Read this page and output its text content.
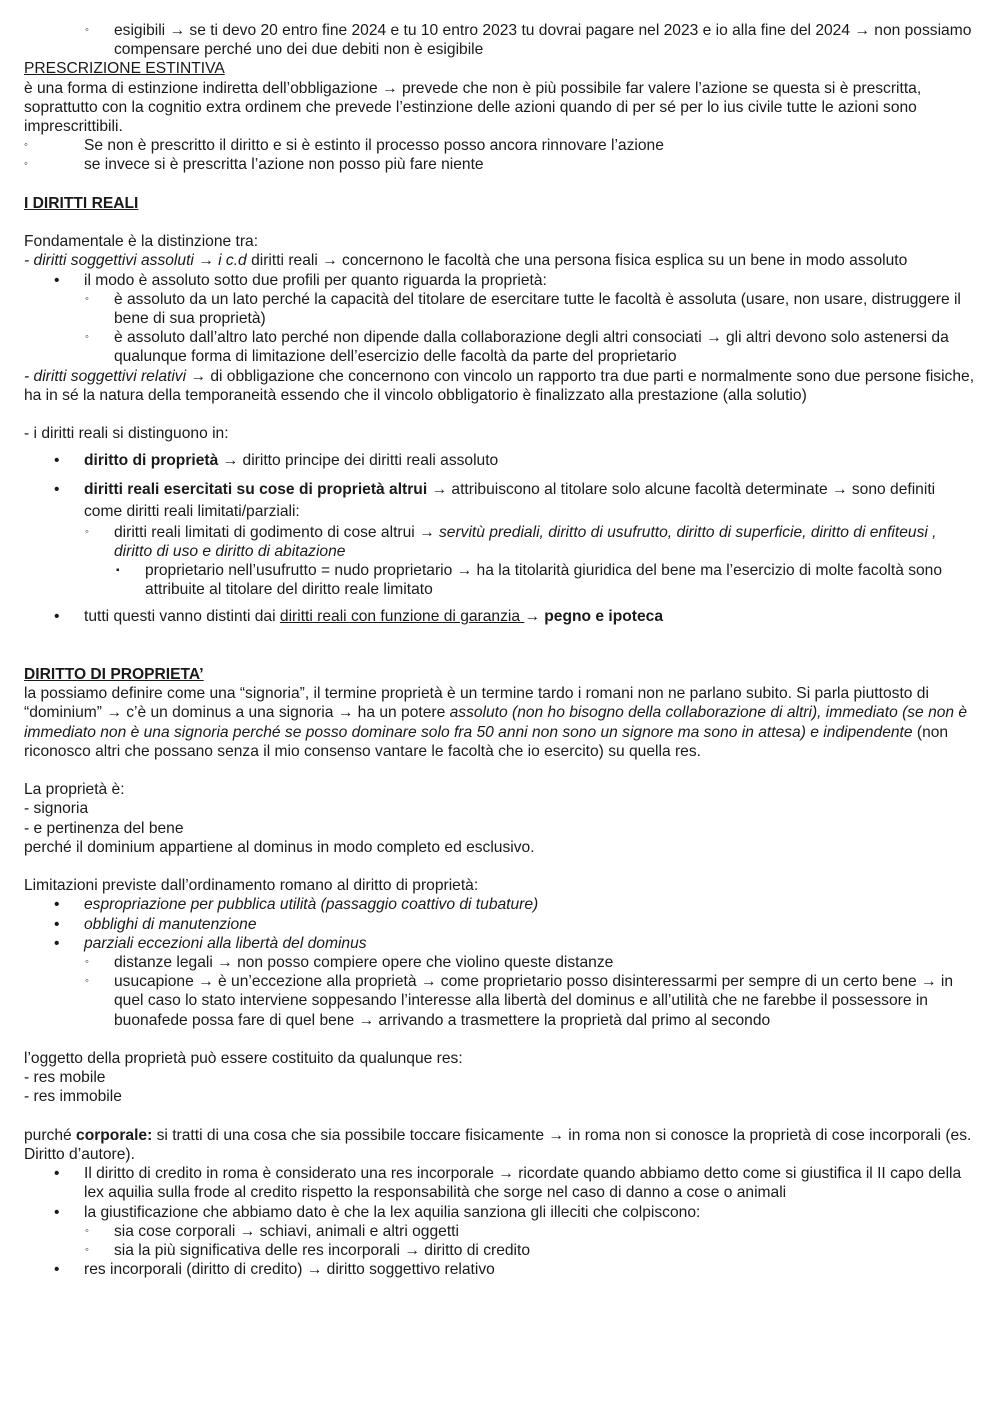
◦ esigibili → se ti devo 20 entro fine 2024 e tu 10 entro 2023 tu dovrai pagare nel 2023 e io alla fine del 2024 → non possiamo compensare perché uno dei due debiti non è esigibile
PRESCRIZIONE ESTINTIVA
è una forma di estinzione indiretta dell’obbligazione → prevede che non è più possibile far valere l’azione se questa si è prescritta, soprattutto con la cognitio extra ordinem che prevede l’estinzione delle azioni quando di per sé per lo ius civile tutte le azioni sono imprescrittibili.
◦	Se non è prescritto il diritto e si è estinto il processo posso ancora rinnovare l’azione
◦	se invece si è prescritta l’azione non posso più fare niente
I DIRITTI REALI
Fondamentale è la distinzione tra:
- diritti soggettivi assoluti → i c.d diritti reali → concernono le facoltà che una persona fisica esplica su un bene in modo assoluto
• il modo è assoluto sotto due profili per quanto riguarda la proprietà:
◦ è assoluto da un lato perché la capacità del titolare de esercitare tutte le facoltà è assoluta (usare, non usare, distruggere il bene di sua proprietà)
◦ è assoluto dall’altro lato perché non dipende dalla collaborazione degli altri consociati → gli altri devono solo astenersi da qualunque forma di limitazione dell’esercizio delle facoltà da parte del proprietario
- diritti soggettivi relativi → di obbligazione che concernono con vincolo un rapporto tra due parti e normalmente sono due persone fisiche, ha in sé la natura della temporaneità essendo che il vincolo obbligatorio è finalizzato alla prestazione (alla solutio)
- i diritti reali si distinguono in:
• diritto di proprietà → diritto principe dei diritti reali assoluto
• diritti reali esercitati su cose di proprietà altrui → attribuiscono al titolare solo alcune facoltà determinate → sono definiti come diritti reali limitati/parziali:
◦ diritti reali limitati di godimento di cose altrui → servitù prediali, diritto di usufrutto, diritto di superficie, diritto di enfiteusi , diritto di uso e diritto di abitazione
▪ proprietario nell’usufrutto = nudo proprietario → ha la titolarità giuridica del bene ma l’esercizio di molte facoltà sono attribuite al titolare del diritto reale limitato
• tutti questi vanno distinti dai diritti reali con funzione di garanzia → pegno e ipoteca
DIRITTO DI PROPRIETA’
la possiamo definire come una “signoria”, il termine proprietà è un termine tardo i romani non ne parlano subito. Si parla piuttosto di “dominium” → c’è un dominus a una signoria → ha un potere assoluto (non ho bisogno della collaborazione di altri), immediato (se non è immediato non è una signoria perché se posso dominare solo fra 50 anni non sono un signore ma sono in attesa) e indipendente (non riconosco altri che possano senza il mio consenso vantare le facoltà che io esercito) su quella res.
La proprietà è:
- signoria
- e pertinenza del bene
perché il dominium appartiene al dominus in modo completo ed esclusivo.
Limitazioni previste dall’ordinamento romano al diritto di proprietà:
• espropriazione per pubblica utilità (passaggio coattivo di tubature)
• obblighi di manutenzione
• parziali eccezioni alla libertà del dominus
◦ distanze legali → non posso compiere opere che violino queste distanze
◦ usucapione → è un’eccezione alla proprietà → come proprietario posso disinteressarmi per sempre di un certo bene → in quel caso lo stato interviene soppesando l’interesse alla libertà del dominus e all’utilità che ne farebbe il possessore in buonafede possa fare di quel bene → arrivando a trasmettere la proprietà dal primo al secondo
l’oggetto della proprietà può essere costituito da qualunque res:
- res mobile
- res immobile
purché corporale: si tratti di una cosa che sia possibile toccare fisicamente → in roma non si conosce la proprietà di cose incorporali (es. Diritto d’autore).
• Il diritto di credito in roma è considerato una res incorporale → ricordate quando abbiamo detto come si giustifica il II capo della lex aquilia sulla frode al credito rispetto la responsabilità che sorge nel caso di danno a cose o animali
• la giustificazione che abbiamo dato è che la lex aquilia sanziona gli illeciti che colpiscono:
◦ sia cose corporali → schiavi, animali e altri oggetti
◦ sia la più significativa delle res incorporali → diritto di credito
• res incorporali (diritto di credito) → diritto soggettivo relativo
